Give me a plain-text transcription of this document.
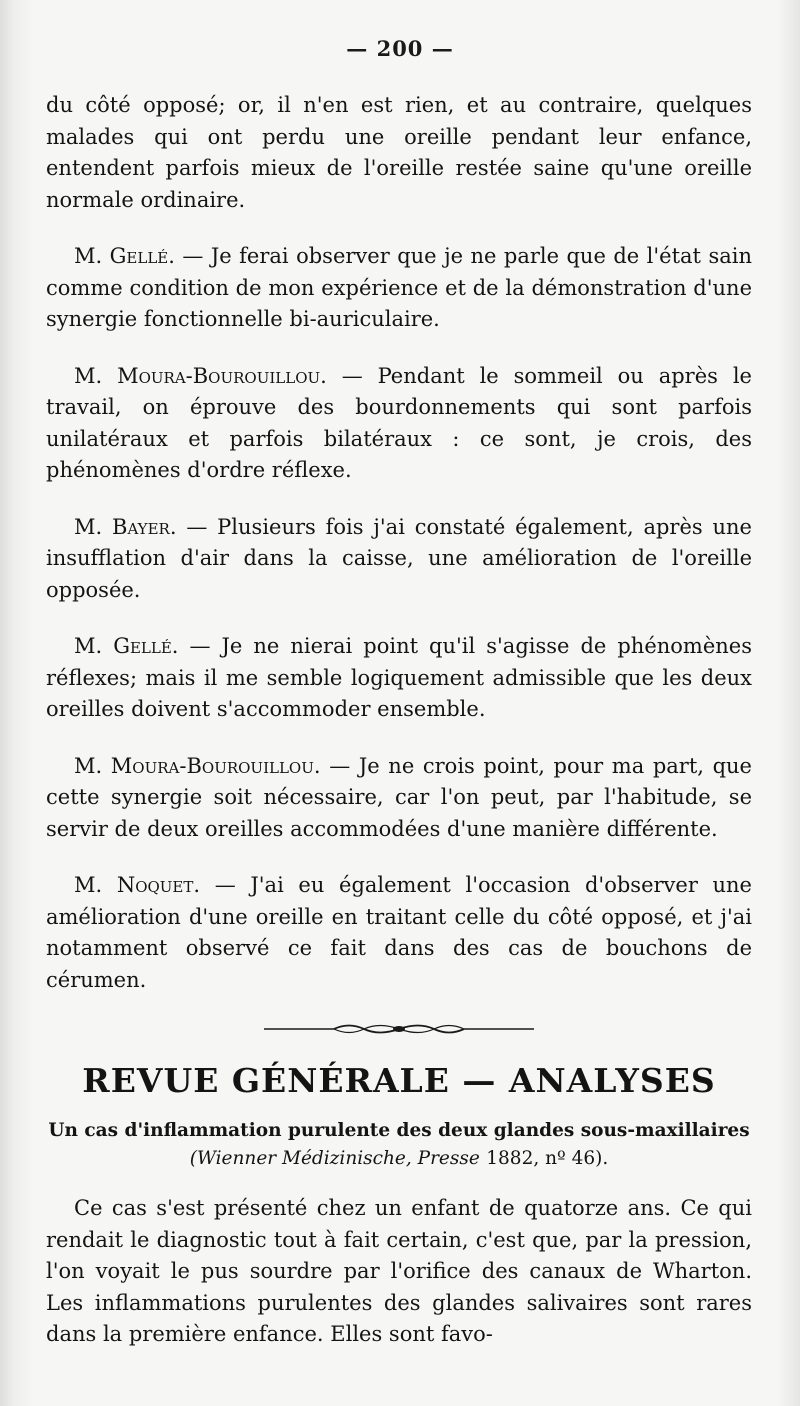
— 200 —

du côté opposé; or, il n'en est rien, et au contraire, quelques malades qui ont perdu une oreille pendant leur enfance, entendent parfois mieux de l'oreille restée saine qu'une oreille normale ordinaire.

M. Gellé. — Je ferai observer que je ne parle que de l'état sain comme condition de mon expérience et de la démonstration d'une synergie fonctionnelle bi-auriculaire.

M. Moura-Bourouillou. — Pendant le sommeil ou après le travail, on éprouve des bourdonnements qui sont parfois unilatéraux et parfois bilatéraux : ce sont, je crois, des phénomènes d'ordre réflexe.

M. Bayer. — Plusieurs fois j'ai constaté également, après une insufflation d'air dans la caisse, une amélioration de l'oreille opposée.

M. Gellé. — Je ne nierai point qu'il s'agisse de phénomènes réflexes; mais il me semble logiquement admissible que les deux oreilles doivent s'accommoder ensemble.

M. Moura-Bourouillou. — Je ne crois point, pour ma part, que cette synergie soit nécessaire, car l'on peut, par l'habitude, se servir de deux oreilles accommodées d'une manière différente.

M. Noquet. — J'ai eu également l'occasion d'observer une amélioration d'une oreille en traitant celle du côté opposé, et j'ai notamment observé ce fait dans des cas de bouchons de cérumen.

REVUE GÉNÉRALE — ANALYSES
Un cas d'inflammation purulente des deux glandes sous-maxillaires (Wienner Médizinische, Presse 1882, nº 46).

Ce cas s'est présenté chez un enfant de quatorze ans. Ce qui rendait le diagnostic tout à fait certain, c'est que, par la pression, l'on voyait le pus sourdre par l'orifice des canaux de Wharton. Les inflammations purulentes des glandes salivaires sont rares dans la première enfance. Elles sont favo-
